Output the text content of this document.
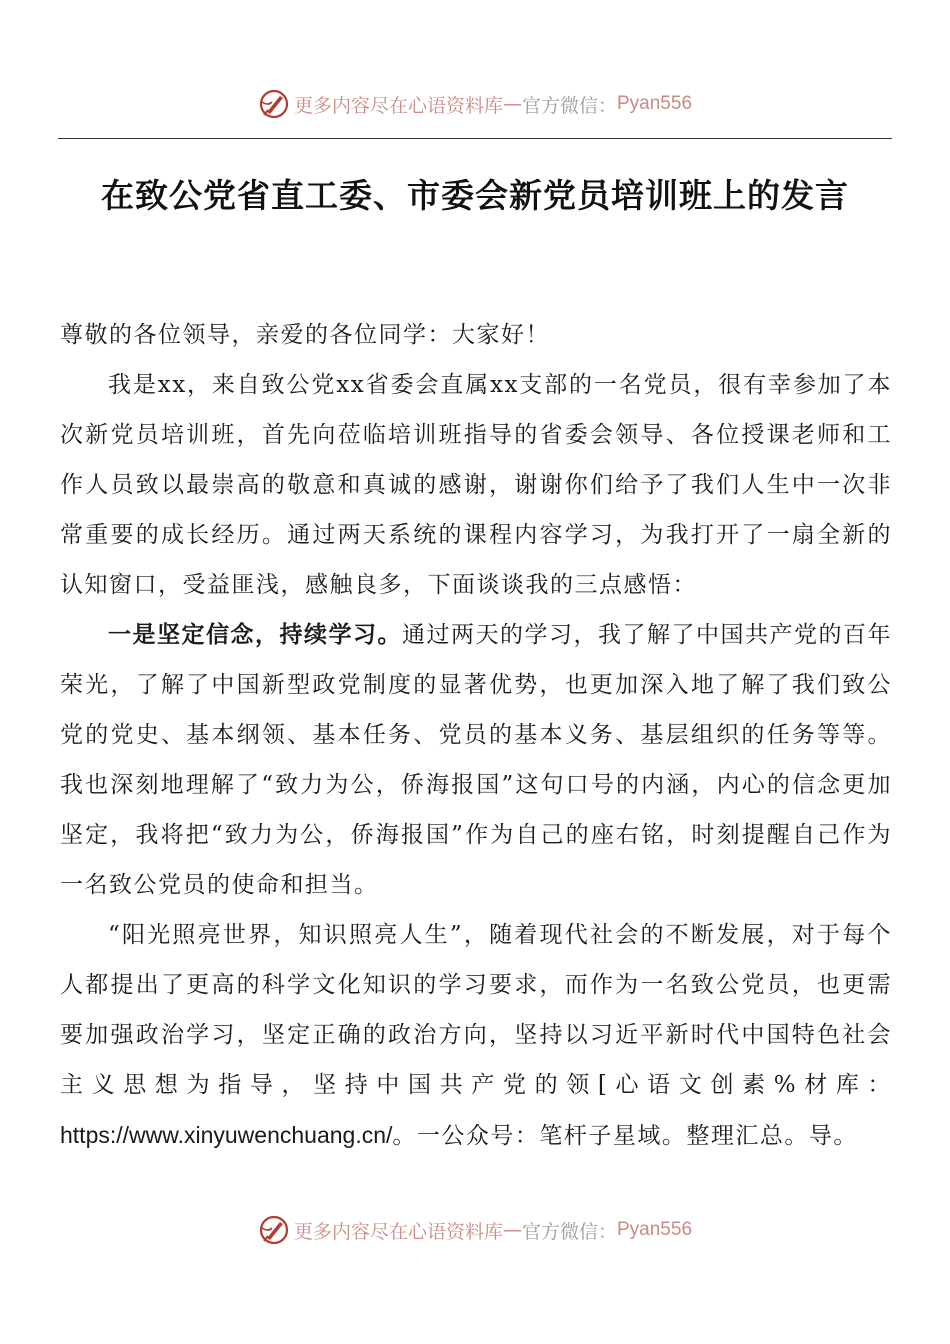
更多内容尽在心语资料库 — 官方微信： Pyan556
在致公党省直工委、市委会新党员培训班上的发言

尊敬的各位领导，亲爱的各位同学：大家好！

我是xx，来自致公党xx省委会直属xx支部的一名党员，很有幸参加了本次新党员培训班，首先向莅临培训班指导的省委会领导、各位授课老师和工作人员致以最崇高的敬意和真诚的感谢，谢谢你们给予了我们人生中一次非常重要的成长经历。通过两天系统的课程内容学习，为我打开了一扇全新的认知窗口，受益匪浅，感触良多，下面谈谈我的三点感悟：

一是坚定信念，持续学习。通过两天的学习，我了解了中国共产党的百年荣光，了解了中国新型政党制度的显著优势，也更加深入地了解了我们致公党的党史、基本纲领、基本任务、党员的基本义务、基层组织的任务等等。我也深刻地理解了“致力为公，侨海报国”这句口号的内涵，内心的信念更加坚定，我将把“致力为公，侨海报国”作为自己的座右铭，时刻提醒自己作为一名致公党员的使命和担当。

“阳光照亮世界，知识照亮人生”，随着现代社会的不断发展，对于每个人都提出了更高的科学文化知识的学习要求，而作为一名致公党员，也更需要加强政治学习，坚定正确的政治方向，坚持以习近平新时代中国特色社会主义思想为指导，坚持中国共产党的领[心语文创素%材库：https://www.xinyuwenchuang.cn/。一公众号：笔杆子星域。整理汇总。导。

更多内容尽在心语资料库 — 官方微信： Pyan556
